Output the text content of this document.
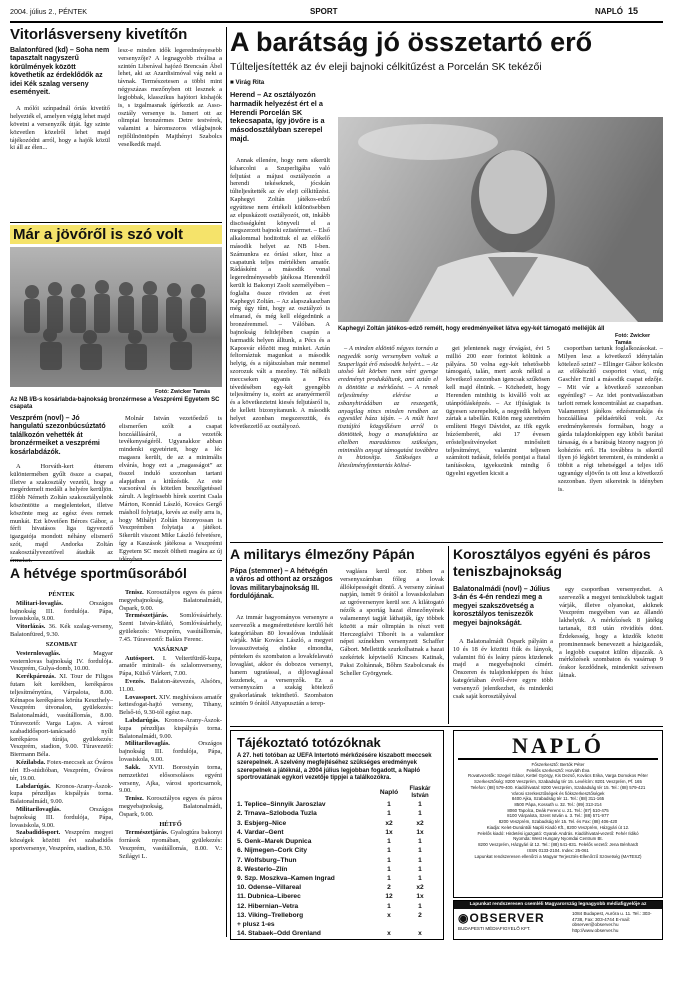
2004. július 2., PÉNTEK	SPORT	NAPLÓ 15
Vitorlásverseny kivetítőn
Balatonfüred (kd) – Soha nem tapasztalt nagyszerű körülmények között követhetik az érdeklődők az idei Kék szalag verseny eseményeit.
A mólói színpadnál óriás kivetítő helyezték el, amelyen végig lehet majd követni a versenyzők útját. Így szinte közvetlen közelről lehet majd tájékozódni arról, hogy a hajók közül ki áll az élen...
lesz-e minden idők legeredményesebb versenyzője? A legnagyobb riválisa a szintén Liberával hajózó Brencsán Ábel lehet, aki az Azardisimóval vág neki a távnak. Természetesen a többi mint négyszázas mezőnyben ott lesznek a legjobbak, klasszikus hajótori kishajók is, s izgalmasnak ígérkezik az Asso-osztály versenye is. Ismert ott az olimpiai bronzérmes Detre testvérek, valamint a háromszoros világbajnok rejtőlilnöntöpén Majthényi Szabolcs veselkedik majd.
Már a jövőről is szó volt
Fotó: Zwicker Tamás
Az NB I/B-s kosárlabda-bajnokság bronzérmese a Veszprémi Egyetem SC csapata
Veszprém (novl) – Jó hangulatú szezonbúcsúztató találkozón vehették át bronzérmeiket a veszprémi kosárlabdázók.
A Horváth-kert étterem különtermében gyűlt össze a csapat, illetve a szakosztály vezetői, hogy a megérdemelt medáli a helyére kerüljön. Előbb Németh Zoltán szakosztályelnök köszöntötte a megjelenteket, illetve köszönte meg az egész éves remek munkát. Ezt követően Bérces Gábor, a férfi hivatásos liga ügyvezető igazgatója mondott néhány elismerő szót, majd Andorka Zoltán szakosztályvezetővel átadták az
Molnár István vezetőedző is elismerően szólt a csapat hozzáállásáról, a vezetők tevékenységéről. Ugyanakkor abban mindenki egyetértett, hogy a léc magasra került, de az a minimális elvárás, hogy ezt a „magasságot” az összel induló szezonban tartani alapjaiban a kitűzésük. Az este vacsorával és kötetlen beszélgetéssel zárult. A legfrissebb hírek szerint Csala Márton, Konrád László, Kovács Gergő másholl folytatja, kevés az esély arra is, hogy Mihályi Zoltán bizonyossan is Veszprémben folytatja a játékot. Sikerült viszont Mike László felvetésre, így a Kaszások játékosa a Veszprémi Egyetem SC mezét öltheti magára az új
A hétvége sportműsorából

PÉNTEK

Militari-lovaglás. Országos bajnokság III. fordulója. Pápa, lovasiskola, 9.00.

Vitorlázás. 36. Kék szalag-verseny, Balatonfüred, 9.30.

SZOMBAT

Vesternlovaglás. Magyar vesternlovas bajnokság IV. fordulója. Veszprém, Gulya-domb, 10.00.

Kerékpározás. XI. Tour de Filigos futam két kerékben, kerékpáros teljesítménytúra, Várpalota, 8.00. Kétnapos kerékpáros körúta Keszthely–Veszprém útvonalon, gyülekezés: Balatonalmádi, vasútállomás, 8.00. Túravezető: Varga Lajos. A várost szabadidősport-tanácsadó nyílt kerékpáros túrája, gyülekezés: Veszprém, stadion, 9.00. Túravezető: Biermann Béla.

Kézilabda. Fotex-meccsek az Óváros téri Eb-stúdióban, Veszprém, Óváros tér, 19.00.

Labdarúgás. Kronos-Arany-Ászok-kupa pénzdíjas kispályás torna. Balatonalmádi, 9.00.

Militarilovaglás. Országos bajnokság III. fordulója, Pápa, lovasiskola, 9.00.

Szabadidősport. Veszprém megyei községek közötti évi szabadidős sportversenye, Veszprém, stadion, 8.30.

Tenisz. Korosztályos egyes és páros megyebajnokság, Balatonalmádi, Öspark, 9.00.

Természetjárás. Somlóvásárhely. Szent István-kilátó, Somlóvásárhely, gyülekezés: Veszprém, vasútállomás, 7.45. Túravezető: Balázs Ferenc.

VASÁRNAP

Autósport. I. Veltertfürdő-kupa, amatőr minirali- és szlalomverseny, Pápa, Külső Várkert, 7.00.

Evezés. Balaton-átevezés, Alsóörs, 11.00.

Lovassport. XIV. meghívásos amatőr kettesfogat-hajtó verseny, Tihany, Belső-tó, 9.30-tól egész nap.

Labdarúgás. Kronos-Arany-Ászok-kupa pénzdíjas kispályás torna. Balatonalmádi, 9.00.

Militarilovaglás. Országos bajnokság III. fordulója, Pápa, lovasiskola, 9.00.

Sakk. XVII. Borostyán torna, nemzetközi elősorsolásos egyéni verseny, Ajka, városi sportcsarnok, 9.00.

Tenisz. Korosztályos egyes és páros megyebajnokság, Balatonalmádi, Öspark, 9.00.

HÉTFŐ

Természetjárás. Gyalogtúra bakonyi források nyomában, gyülekezés: Veszprém, vasútállomás, 8.00. V.: Szilágyi L.

A barátság jó összetartó erő
Túlteljesítették az év eleji bajnoki célkitűzést a Porcelán SK tekézői
■ Virág Rita
Herend – Az osztályozón harmadik helyezést ért el a Herendi Porcelán SK tekecsapata, így jövőre is a másodosztályban szerepel majd.
Annak ellenére, hogy nem sikerült kiharcolni a Szuperligába való feljutást a májusi osztályozón a herendi tekéseknek, jócskán túlteljesítették az év eleji célkitűzést. Kaphegyi Zoltán játékos-edző egyúttese nem értékeli különösebben az elpuskázott osztályozót, ott, inkább discösségként könyveli el a megszerzett bajnoki ezüstérmet. – Első alkalommal hoditottuk el az előkelő második helyet az NB I-ben. Számunkra ez óriási siker, hisz a csapatunk teljes mértékben amatőr. Rádásként a második vonal legeredményesebb játékosa Herendről került ki Bakonyi Zsolt személyében – foglalta össze röviden az évet Kaphegyi Zoltán. – Az alapszakaszban még úgy tűnt, hogy az osztályzó is elmarad, és még kell elégednünk a bronzéremmel. – Válóban. A bajnokság felidejében csapún a harmadik helyen álltunk, a Pécs és a Kaposvár előzött meg minket. Aztán feltornáztuk magunkat a második helyig, és a rájátszásban már nemmel szorozuk vált a mezőny. Tét nélküli meccseken ugyanis a Pécs tévedésében egy-két gyengébb teljesítmény is, ezért az aranyérmeről és a következtetni kiesés feljutásról is, de kellett bizonyítanunk. A második helyet azonban megszereztük, és következetlő az osztályozó.
Kaphegyi Zoltán játékos-edző remélt, hogy eredményeiket látva egy-két támogató melléjük áll
Fotó: Zwicker Tamás
– A minden eldöntő négyes tornán a negyedik sorig versenyben voltak a Szuperligát érő második helyért... – Az utolsó két körben nem várt gyenge eredményt produkáltunk, ami aztán el is döntötte a mérkőzést. – A remek teljesítmény elérése a zsbanyhirádában az reszegetik, anyagilag nincs minden rendben az egyesület háza táján. – A múlt havi tisztújító közgyűlésen arról is döntöttek, hogy a manufaktúra az eltelben maradásnos szükséges, minimális anyagi támogatást továbbra is biztosítja. Szükséges a létesítményfenntartás költsé-
gei jelentenek nagy érvágást, évi 5 millió 200 ezer forintot költünk a pályára. 50 volna egy-két tehetősebb támogató, talán, mert azok nélkül a következő szezonban igencsak szűkösen kell majd élnünk. – Közhedett, hogy Herenden minthiig is kivállő volt az utánpótlásképzés. – Az ifjúságiak is ügyesen szerepeltek, a negyedik helyen zártak a tabellán. Külön meg szeretném említeni Hegyi Dávidot, az ifik egyik húzóemberét, aki 17 évesen erősteljesítvényeket minősített teljesítményt, valamint teljesen számított tudását, felelős pontjai a fiatal tanításokra, igyekszünk mindig ő ügyelni egyetlen kicsit a
csoportban tartunk foglalkozásokat. – Milyen lesz a következő idénytalán kötelező szint? – Ellinger Gábor kölcsön az előkészítő csoportot viszi, míg Gaschler Emil a második csapat edzője. – Mit vár a következő szezonban egyénileg? – Az idei pontvadászatban tarlott remek koncentrálást az csapatban. Valamennyi játékos edzésmunkája és hozzáállása példaértékű volt. Az eredménykeresés formában, hogy a gárda tulajdonképpen egy köbői barátai társaság, és a barátság bizony nagyon jó kohéziós erő. Ha továbbra is sikerül ilyen jó légkört teremteni, és mindenki a többit a régi tehetséggel a teljes idő ugyanúgy eljövőn is ott lesz a következő szezonban. ilyen sikereink is idényben is.
A militarys élmezőny Pápán
Pápa (stemmer) – A hétvégén a város ad otthont az országos lovas militarybajnokság III. fordulójának.
Az immár hagyományos versenyre a szervezők a megmérettetésre kerülő hét kategóriában 80 lovaslóvas indulását várják. Már Kovács László, a megyei lovasszövetség elnöke elmondta, pénteken és szombaton a lovakfelavató lovaglást, akkor és dobozos versenyt, hanem ugratással, a díjlovaglással kezdenek, a versenyzők. Ez a versenyszám a szakág kötelező gyakorlatának tekinthető. Szombaton szintén 9 órától Attyapusztán a terep-
vaglásra kerül sor. Ebben a versenyszámban főleg a lovak állóképességét döntő. A verseny zárásai napján, ismét 9 órától a lovasiskolaban az ugróversenyre kerül sor. A kilátogató nézők a sportág hazai élmezőnyének valamennyi tagját láthatják, így többek között a már olimpián is részt vett Herczegfalvi Tiborét is a valamikor népei színekben versenyzett Schaffer Gábort. Mellettük szurkolhatnak a hazai szekértek képviselő Kincses Katinak, Paksi Zoltánnak, Bőhm Szabolcsnak és Scheller Györgynek.
Korosztályos egyéni és páros teniszbajnokság
Balatonalmádi (novl) – Július 3-án és 4-én rendezi meg a megyei szakszövetség a korosztályos teniszezők megyei bajnokságát.
A Balatonalmádi Öspark pályáin a 10 és 18 év közötti fiúk és lányok, valamint fiú és leány páros küzdenek majd a megyebajnoki címért. Önszeren és tulajdonképpen és húsz kategóriában évről-évre egyre több versenyző jelentkezhet, és mindenki csak saját korosztályával
egy csoportban versenyezhet. A szervezők a megyei teniszklubok tagjait várják, illetve olyanokat, akiknek Veszprém megyében van az állandó lakhelyük. A mérkőzések 8 játékig tartanak, 8:8 után rövidítés dönt. Érdekesség, hogy a küzdők között prominennsek benevezett a házigazdák, a legjobb csapatot külön díjazzák. A mérkőzések szombaton és vasárnap 9 órakor kezdődnek, mindenkit szívesen látnak.
Tájékoztató totózóknak
A 27. heti totóban az UEFA Intertotó mérkőzésére kiszabott meccsek szerepelnek. A szelvény megfejtéséhez szükséges eredmények szerepelnek a játéknál, a 2004 július legjobban fogadott, a Napló sportrovatának egykori vezetője tippjei a találkozókra.
	Napló	Flaskár István
1. Teplice–Sinnyik Jaroszlav	1	1
2. Trnava–Szloboda Tuzla	1	1
3. Esbjerg–Nice	x2	x2
4. Vardar–Gent	1x	1x
5. Genk–Marek Dupnica	1	1
6. Nijmegen–Cork City	1	1
7. Wolfsburg–Thun	1	1
8. Westerlo–Zlín	1	1
9. Szp. Moszkva–Kamen Ingrad	1	1
10. Odense–Villareal	2	x2
11. Dubnica–Liberec	12	1x
12. Hibernian–Vetra	1	1
13. Viking–Trelleborg	x	2
+ plusz 1-es		
14. Stabaek–Odd Grenland	x	x
NAPLÓ
Főszerkesztő: Bertók Péter
Felelős szerkesztő: Horváth Éva
Rovatvezetők: Szegel Gábor, Kettel György, Kis Dezső, Kovács Erika, Varga Domokos Péter
Szerkesztőség: 8200 Veszprém, Szabadság tér 15. Levélcím: 8201 Veszprém, Pf. 165
Telefon: (88) 579-400. Kiadóhivatal: 8200 Veszprém, Szabadság tér 15. Tel.: (88) 579-421
Városi szerkesztőségek és fiókszerkesztőségek
8400 Ajka, Szabadság tér 11. Tel.: (88) 311-165
8500 Pápa, Kossuth u. 32. Tel.: (89) 313-214
8060 Tapolca, Deák Ferenc u. 21. Tel.: (87) 510-475
8100 Várpalota, Szent István u. 3. Tel.: (88) 571-977
8200 Veszprém, Szabadság tér 15. Tel. és Fax: (88) 406-420
Kiadja: Kelet-Dunántúli Napló Kiadó Kft., 8200 Veszprém, Házgyári út 12.
Felelős kiadó: Hirdetési igazgató: Gyarak András. Kiadóhivatal-vezető: Fehér Ildikó
Nyomda: West Hungary Nyomdai Centrum Bt.
8200 Veszprém, Házgyári út 12. Tel.: (88) 541-831. Felelős vezető: Jena Bénhardt
ISSN 0133-2104. Index: 25-061
Lapunkat rendszeresen ellenőrzi a Magyar Terjesztés-Ellenőrző Szövetség (MATESZ)
Lapunkat rendszeresen csemléli Magyarország legnagyobb médiafigyelője az
◉OBSERVER
BUDAPESTI MÉDIAFIGYELŐ KFT.
1084 Budapest, Auróra u. 11. Tel.: 303-4738, Fax: 303-4744 E-mail: observer@observer.hu http://www.observer.hu
